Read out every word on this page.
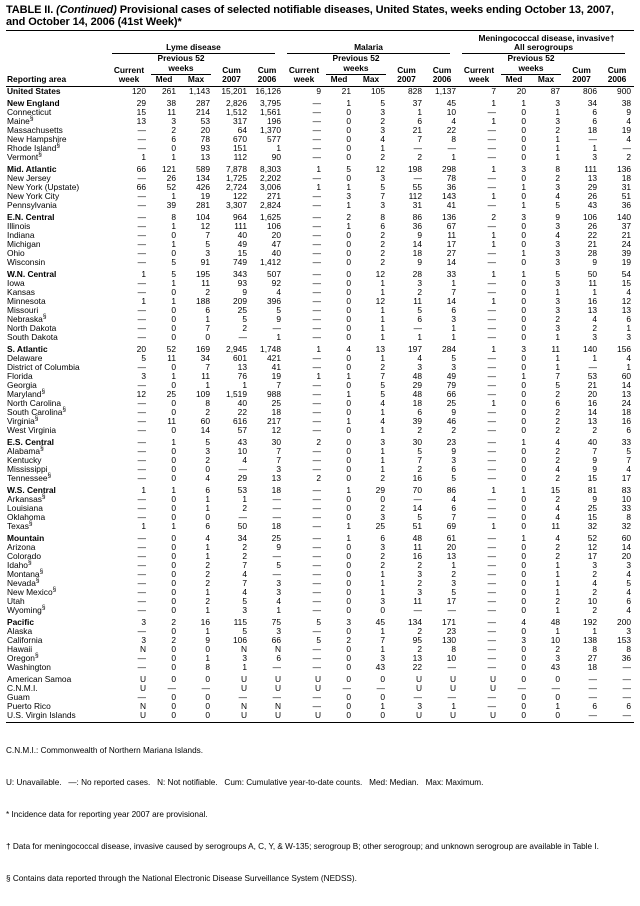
TABLE II. (Continued) Provisional cases of selected notifiable diseases, United States, weeks ending October 13, 2007, and October 14, 2006 (41st Week)*
Reporting area	Lyme disease					Malaria					Meningococcal disease, invasive†
All serogroups				

	Current week	Previous 52 weeks		Cum 2007	Cum 2006	Current week	Previous 52 weeks		Cum 2007	Cum 2006	Current week	Previous 52 weeks		Cum 2007	Cum 2006
		Med	Max				Med	Max				Med	Max		
United States	120	261	1,143	15,201	16,126	9	21	105	828	1,137	7	20	87	806	900
New England	29	38	287	2,826	3,795	—	1	5	37	45	1	1	3	34	38
Connecticut	15	11	214	1,512	1,561	—	0	3	1	10	—	0	1	6	9
Maine§	13	3	53	317	196	—	0	2	6	4	1	0	3	6	4
Massachusetts	—	2	20	64	1,370	—	0	3	21	22	—	0	2	18	19
New Hampshire	—	6	78	670	577	—	0	4	7	8	—	0	1	—	4
Rhode Island§	—	0	93	151	1	—	0	1	—	—	—	0	1	1	—
Vermont§	1	1	13	112	90	—	0	2	2	1	—	0	1	3	2
Mid. Atlantic	66	121	589	7,878	8,303	1	5	12	198	298	1	3	8	111	136
New Jersey	—	26	134	1,725	2,202	—	0	3	—	78	—	0	2	13	18
New York (Upstate)	66	52	426	2,724	3,006	1	1	5	55	36	—	1	3	29	31
New York City	—	1	19	122	271	—	3	7	112	143	1	0	4	26	51
Pennsylvania	—	39	281	3,307	2,824	—	1	3	31	41	—	1	5	43	36
E.N. Central	—	8	104	964	1,625	—	2	8	86	136	2	3	9	106	140
Illinois	—	1	12	111	106	—	1	6	36	67	—	0	3	26	37
Indiana	—	0	7	40	20	—	0	2	9	11	1	0	4	22	21
Michigan	—	1	5	49	47	—	0	2	14	17	1	0	3	21	24
Ohio	—	0	3	15	40	—	0	2	18	27	—	1	3	28	39
Wisconsin	—	5	91	749	1,412	—	0	2	9	14	—	0	3	9	19
W.N. Central	1	5	195	343	507	—	0	12	28	33	1	1	5	50	54
Iowa	—	1	11	93	92	—	0	1	3	1	—	0	3	11	15
Kansas	—	0	2	9	4	—	0	1	2	7	—	0	1	1	4
Minnesota	1	1	188	209	396	—	0	12	11	14	1	0	3	16	12
Missouri	—	0	6	25	5	—	0	1	5	6	—	0	3	13	13
Nebraska§	—	0	1	5	9	—	0	1	6	3	—	0	2	4	6
North Dakota	—	0	7	2	—	—	0	1	—	1	—	0	3	2	1
South Dakota	—	0	0	—	1	—	0	1	1	1	—	0	1	3	3
S. Atlantic	20	52	169	2,945	1,748	1	4	13	197	284	1	3	11	140	156
Delaware	5	11	34	601	421	—	0	1	4	5	—	0	1	1	4
District of Columbia	—	0	7	13	41	—	0	2	3	3	—	0	1	—	1
Florida	3	1	11	76	19	1	1	7	48	49	—	1	7	53	60
Georgia	—	0	1	1	7	—	0	5	29	79	—	0	5	21	14
Maryland§	12	25	109	1,519	988	—	1	5	48	66	—	0	2	20	13
North Carolina	—	0	8	40	25	—	0	4	18	25	1	0	6	16	24
South Carolina§	—	0	2	22	18	—	0	1	6	9	—	0	2	14	18
Virginia§	—	11	60	616	217	—	1	4	39	46	—	0	2	13	16
West Virginia	—	0	14	57	12	—	0	1	2	2	—	0	2	2	6
E.S. Central	—	1	5	43	30	2	0	3	30	23	—	1	4	40	33
Alabama§	—	0	3	10	7	—	0	1	5	9	—	0	2	7	5
Kentucky	—	0	2	4	7	—	0	1	7	3	—	0	2	9	7
Mississippi	—	0	0	—	3	—	0	1	2	6	—	0	4	9	4
Tennessee§	—	0	4	29	13	2	0	2	16	5	—	0	2	15	17
W.S. Central	1	1	6	53	18	—	1	29	70	86	1	1	15	81	83
Arkansas§	—	0	1	1	—	—	0	0	—	4	—	0	2	9	10
Louisiana	—	0	1	2	—	—	0	2	14	6	—	0	4	25	33
Oklahoma	—	0	0	—	—	—	0	3	5	7	—	0	4	15	8
Texas§	1	1	6	50	18	—	1	25	51	69	1	0	11	32	32
Mountain	—	0	4	34	25	—	1	6	48	61	—	1	4	52	60
Arizona	—	0	1	2	9	—	0	3	11	20	—	0	2	12	14
Colorado	—	0	1	2	—	—	0	2	16	13	—	0	2	17	20
Idaho§	—	0	2	7	5	—	0	2	2	1	—	0	1	3	3
Montana§	—	0	2	4	—	—	0	1	3	2	—	0	1	2	4
Nevada§	—	0	2	7	3	—	0	1	2	3	—	0	1	4	5
New Mexico§	—	0	1	4	3	—	0	1	3	5	—	0	1	2	4
Utah	—	0	2	5	4	—	0	3	11	17	—	0	2	10	6
Wyoming§	—	0	1	3	1	—	0	0	—	—	—	0	1	2	4
Pacific	3	2	16	115	75	5	3	45	134	171	—	4	48	192	200
Alaska	—	0	1	5	3	—	0	1	2	23	—	0	1	1	3
California	3	2	9	106	66	5	2	7	95	130	—	3	10	138	153
Hawaii	N	0	0	N	N	—	0	1	2	8	—	0	2	8	8
Oregon§	—	0	1	3	6	—	0	3	13	10	—	0	3	27	36
Washington	—	0	8	1	—	—	0	43	22	—	—	0	43	18	—
American Samoa	U	0	0	U	U	U	0	0	U	U	U	0	0	—	—
C.N.M.I.	U	—	—	U	U	U	—	—	U	U	U	—	—	—	—
Guam	—	0	0	—	—	—	0	0	—	—	—	0	0	—	—
Puerto Rico	N	0	0	N	N	—	0	1	3	1	—	0	1	6	6
U.S. Virgin Islands	U	0	0	U	U	U	0	0	U	U	U	0	0	—	—

C.N.M.I.: Commonwealth of Northern Mariana Islands.

U: Unavailable.   —: No reported cases.   N: Not notifiable.   Cum: Cumulative year-to-date counts.   Med: Median.   Max: Maximum.

* Incidence data for reporting year 2007 are provisional.

† Data for meningococcal disease, invasive caused by serogroups A, C, Y, & W-135; serogroup B; other serogroup; and unknown serogroup are available in Table I.

§ Contains data reported through the National Electronic Disease Surveillance System (NEDSS).
